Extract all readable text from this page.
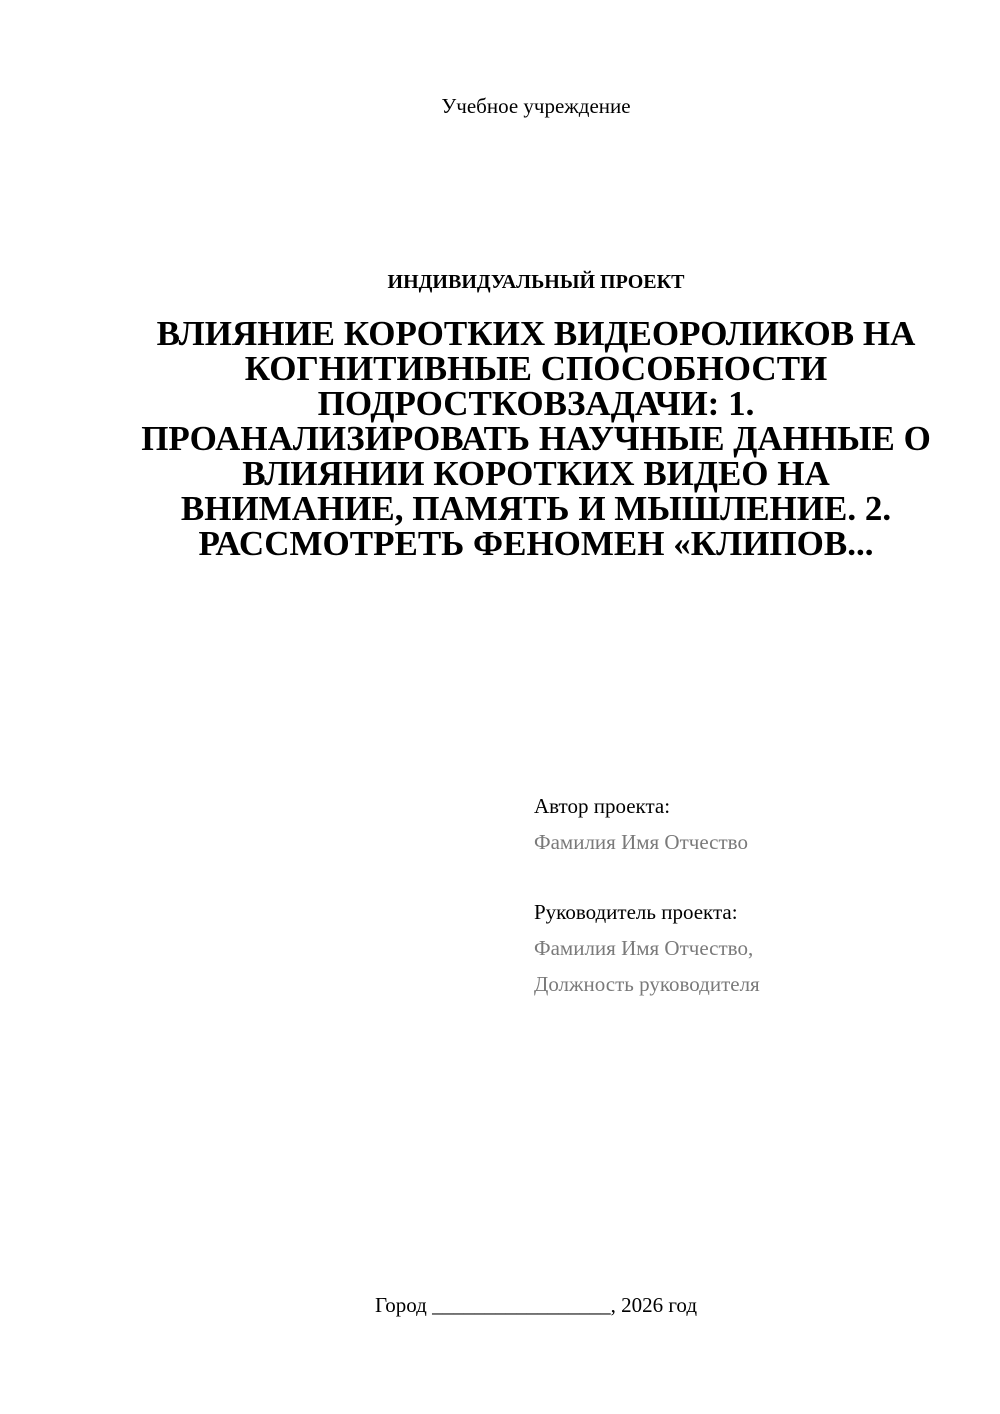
Учебное учреждение
ИНДИВИДУАЛЬНЫЙ ПРОЕКТ
ВЛИЯНИЕ КОРОТКИХ ВИДЕОРОЛИКОВ НА КОГНИТИВНЫЕ СПОСОБНОСТИ ПОДРОСТКОВЗАДАЧИ: 1. ПРОАНАЛИЗИРОВАТЬ НАУЧНЫЕ ДАННЫЕ О ВЛИЯНИИ КОРОТКИХ ВИДЕО НА ВНИМАНИЕ, ПАМЯТЬ И МЫШЛЕНИЕ. 2. РАССМОТРЕТЬ ФЕНОМЕН «КЛИПОВ...
Автор проекта:
Фамилия Имя Отчество
Руководитель проекта:
Фамилия Имя Отчество,
Должность руководителя
Город _________________, 2026 год
